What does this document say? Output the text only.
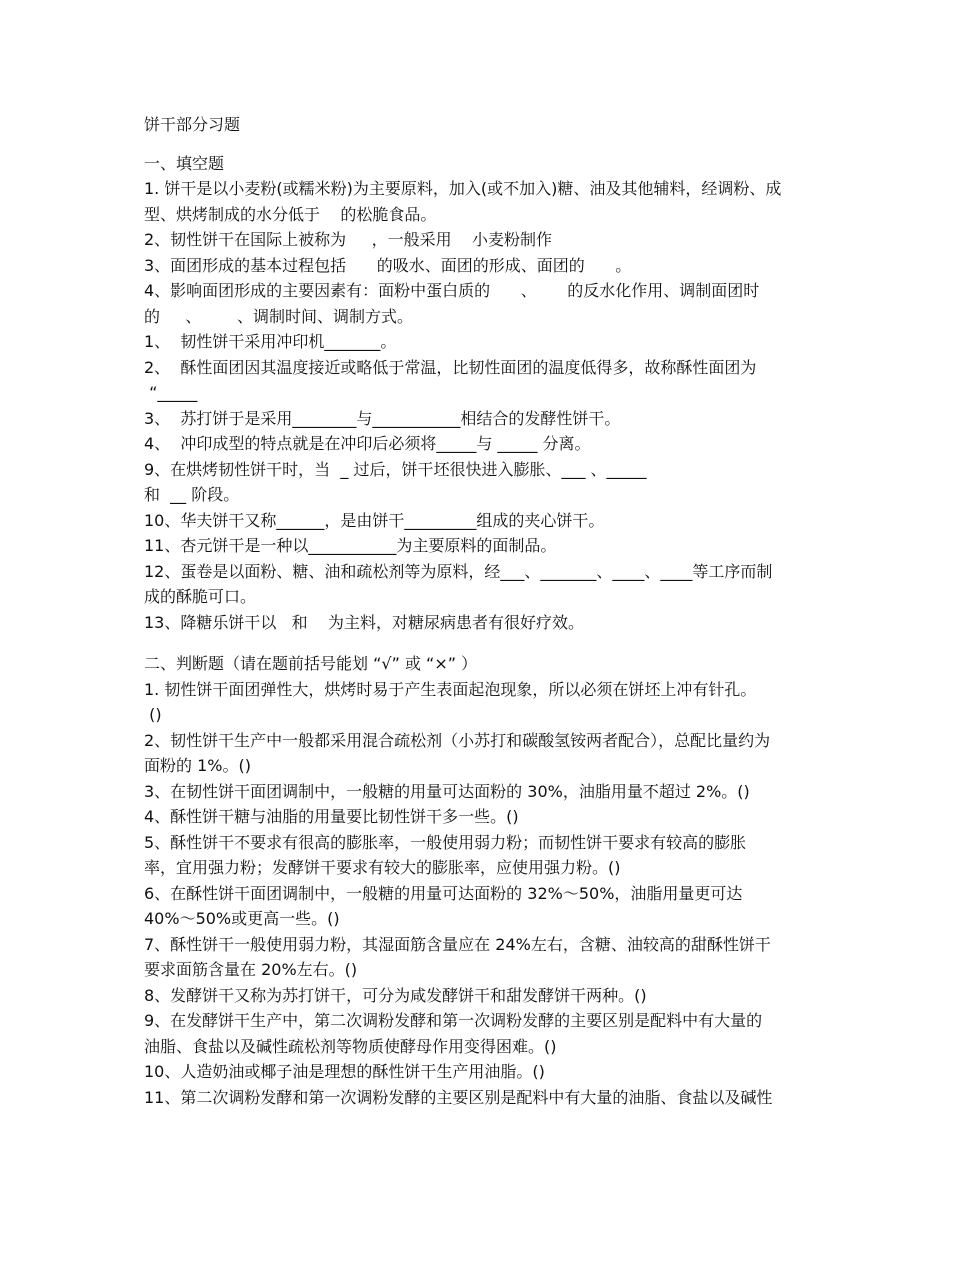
饼干部分习题

一、填空题

1. 饼干是以小麦粉(或糯米粉)为主要原料，加入(或不加入)糖、油及其他辅料，经调粉、成

型、烘烤制成的水分低于    的松脆食品。

2、韧性饼干在国际上被称为     ，一般采用    小麦粉制作

3、面团形成的基本过程包括      的吸水、面团的形成、面团的      。

4、影响面团形成的主要因素有：面粉中蛋白质的      、      的反水化作用、调制面团时

的     、       、调制时间、调制方式。

1、  韧性饼干采用冲印机_______。

2、  酥性面团因其温度接近或略低于常温，比韧性面团的温度低得多，故称酥性面团为

“_____

3、  苏打饼于是采用________与___________相结合的发酵性饼干。

4、  冲印成型的特点就是在冲印后必须将_____与 _____ 分离。

9、在烘烤韧性饼干时，当  _ 过后，饼干坯很快进入膨胀、___ 、_____

和  __ 阶段。

10、华夫饼干又称______，是由饼干_________组成的夹心饼干。

11、杏元饼干是一种以___________为主要原料的面制品。

12、蛋卷是以面粉、糖、油和疏松剂等为原料，经___、_______、____、____等工序而制

成的酥脆可口。

13、降糖乐饼干以   和    为主料，对糖尿病患者有很好疗效。

二、判断题（请在题前括号能划 “√” 或 “×” ）

1. 韧性饼干面团弹性大，烘烤时易于产生表面起泡现象，所以必须在饼坯上冲有针孔。

()

2、韧性饼干生产中一般都采用混合疏松剂（小苏打和碳酸氢铵两者配合），总配比量约为

面粉的 1%。()

3、在韧性饼干面团调制中，一般糖的用量可达面粉的 30%，油脂用量不超过 2%。()

4、酥性饼干糖与油脂的用量要比韧性饼干多一些。()

5、酥性饼干不要求有很高的膨胀率，一般使用弱力粉；而韧性饼干要求有较高的膨胀

率，宜用强力粉；发酵饼干要求有较大的膨胀率，应使用强力粉。()

6、在酥性饼干面团调制中，一般糖的用量可达面粉的 32%～50%，油脂用量更可达

40%～50%或更高一些。()

7、酥性饼干一般使用弱力粉，其湿面筋含量应在 24%左右，含糖、油较高的甜酥性饼干

要求面筋含量在 20%左右。()

8、发酵饼干又称为苏打饼干，可分为咸发酵饼干和甜发酵饼干两种。()

9、在发酵饼干生产中，第二次调粉发酵和第一次调粉发酵的主要区别是配料中有大量的

油脂、食盐以及碱性疏松剂等物质使酵母作用变得困难。()

10、人造奶油或椰子油是理想的酥性饼干生产用油脂。()

11、第二次调粉发酵和第一次调粉发酵的主要区别是配料中有大量的油脂、食盐以及碱性
